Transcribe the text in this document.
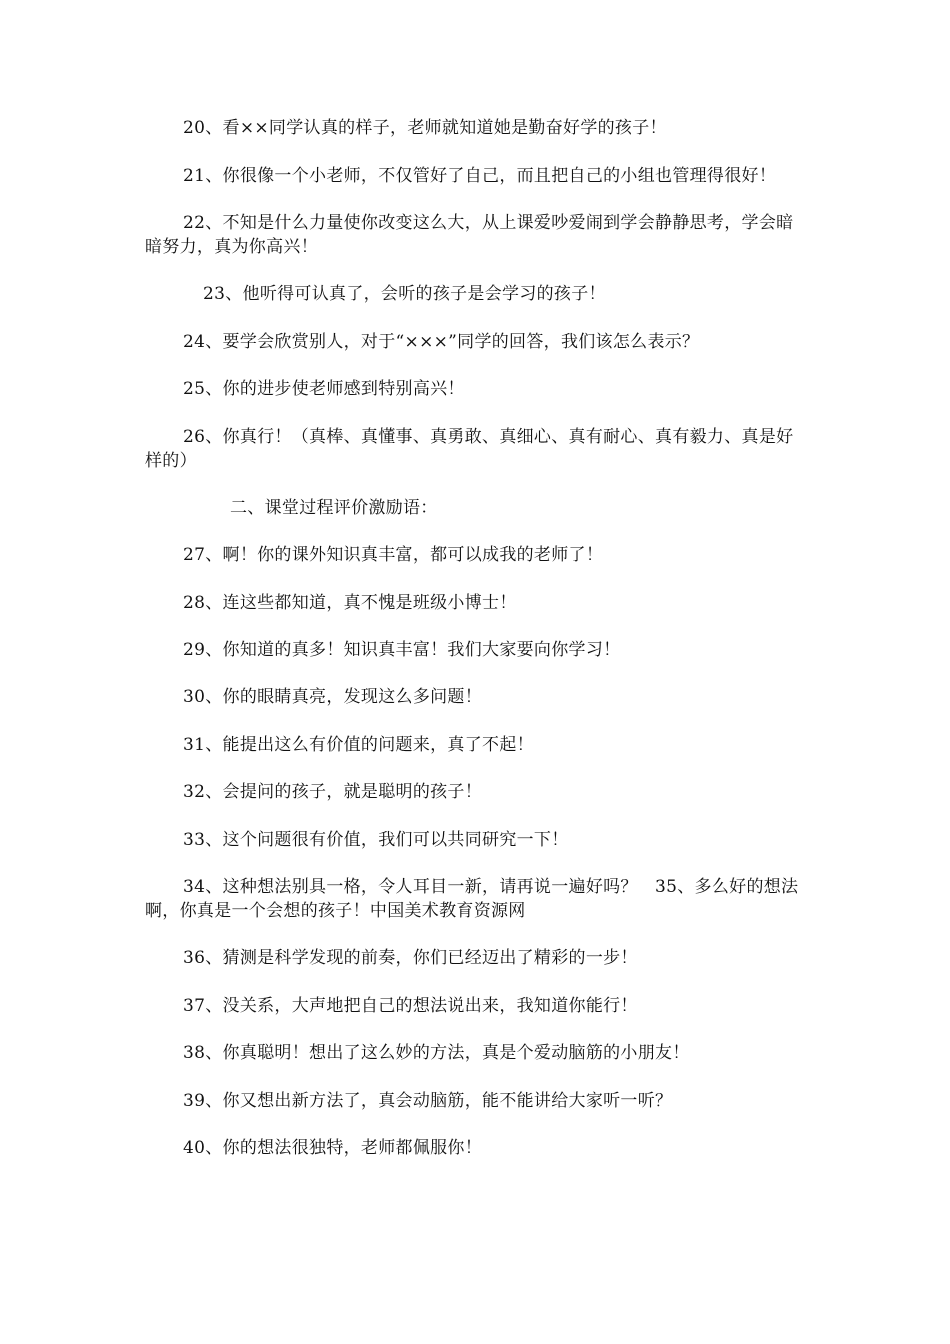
20、看××同学认真的样子，老师就知道她是勤奋好学的孩子！

21、你很像一个小老师，不仅管好了自己，而且把自己的小组也管理得很好！

22、不知是什么力量使你改变这么大，从上课爱吵爱闹到学会静静思考，学会暗暗努力，真为你高兴！

23、他听得可认真了，会听的孩子是会学习的孩子！

24、要学会欣赏别人，对于“×××”同学的回答，我们该怎么表示？

25、你的进步使老师感到特别高兴！

26、你真行！（真棒、真懂事、真勇敢、真细心、真有耐心、真有毅力、真是好样的）

二、课堂过程评价激励语：

27、啊！你的课外知识真丰富，都可以成我的老师了！

28、连这些都知道，真不愧是班级小博士！

29、你知道的真多！知识真丰富！我们大家要向你学习！

30、你的眼睛真亮，发现这么多问题！

31、能提出这么有价值的问题来，真了不起！

32、会提问的孩子，就是聪明的孩子！

33、这个问题很有价值，我们可以共同研究一下！

34、这种想法别具一格，令人耳目一新，请再说一遍好吗？　35、多么好的想法啊，你真是一个会想的孩子！中国美术教育资源网

36、猜测是科学发现的前奏，你们已经迈出了精彩的一步！

37、没关系，大声地把自己的想法说出来，我知道你能行！

38、你真聪明！想出了这么妙的方法，真是个爱动脑筋的小朋友！

39、你又想出新方法了，真会动脑筋，能不能讲给大家听一听？

40、你的想法很独特，老师都佩服你！
